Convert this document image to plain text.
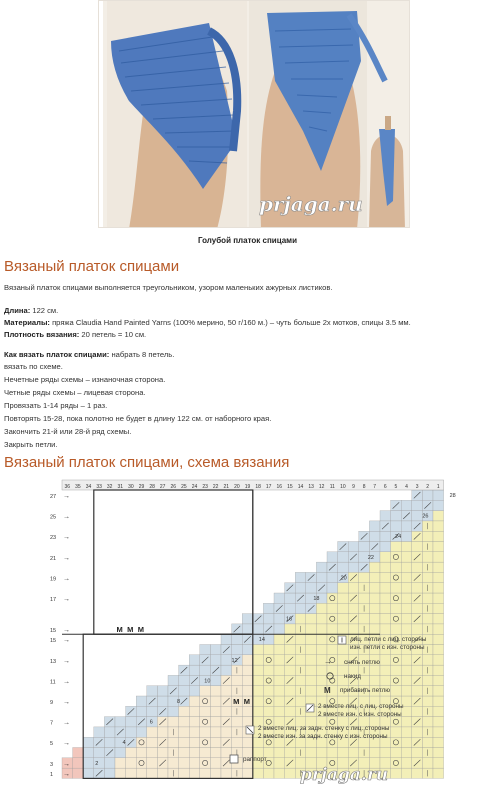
prjaga.ru
Голубой платок спицами
Вязаный платок спицами
Вязаный платок спицами выполняется треугольником, узором маленьких ажурных листиков.
Длина: 122 см.
Материалы: пряжа Claudia Hand Painted Yarns (100% мерино, 50 г/160 м.) – чуть больше 2х мотков, спицы 3.5 мм.
Плотность вязания: 20 петель = 10 см.
Как вязать платок спицами: набрать 8 петель.
вязать по схеме.
Нечетные ряды схемы – изнаночная сторона.
Четные ряды схемы – лицевая сторона.
Провязать 1-14 ряды – 1 раз.
Повторять 15-28, пока полотно не будет в длину 122 см. от наборного края.
Закончить 21-й или 28-й ряд схемы.
Закрыть петли.
Вязаный платок спицами, схема вязания
→
→
→
→
→
→
→
→
→
→
→
→
→
→
→
M M M
M M
36 35 34 33 32 31 30 29 28 27 26 25 24 23 22 21 20 19 18 17 16 15 14 13 12 11 10 9 8 7 6 5 4 3 2 1
27
25
23
21
19
17
15
15
13
11
9
7
5
3
1
28
26
24
22
20
18
16
14
12
10
8
6
4
2
лиц. петли с лиц. стороны
изн. петли с изн. стороны
→ снять петлю
накид
M прибавить петлю
2 вместе лиц. с лиц. стороны
2 вместе изн. с изн. стороны
2 вместе лиц. за задн. стенку с лиц. стороны
2 вместе изн. за задн. стенку с изн. стороны
раппорт
prjaga.ru
